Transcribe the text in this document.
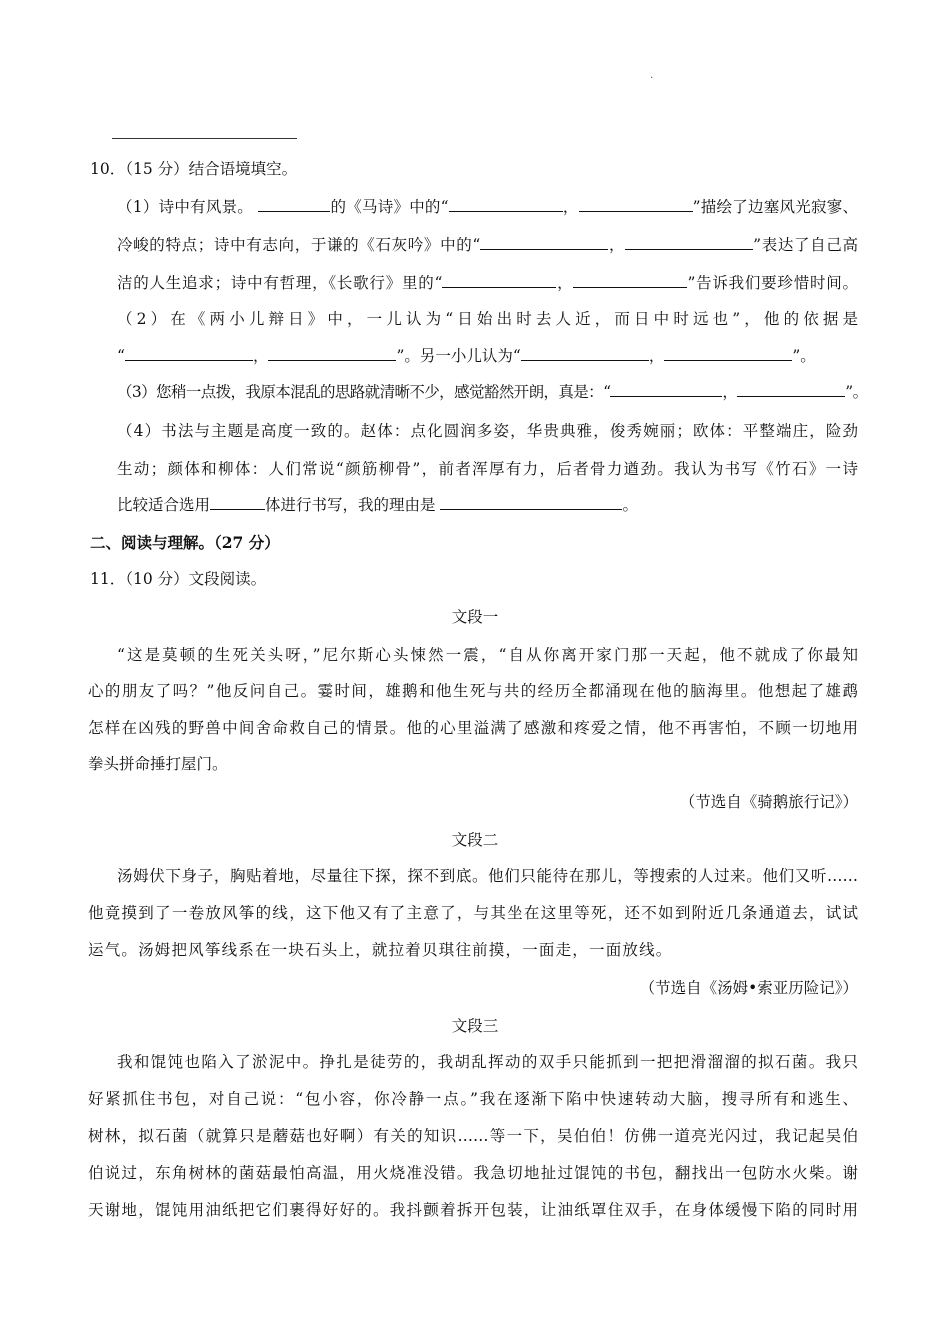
.
10．（15 分）结合语境填空。
（1）诗中有风景。	的《马诗》中的“	，	”描绘了边塞风光寂寥、
冷峻的特点；诗中有志向，于谦的《石灰吟》中的“	，	”表达了自己高
洁的人生追求；诗中有哲理，《长歌行》里的“	，	”告诉我们要珍惜时间。
（2）在《两小儿辩日》中，一儿认为“日始出时去人近，而日中时远也”，他的依据是
“	，	”。另一小儿认为“	，	”。
（3）您稍一点拨，我原本混乱的思路就清晰不少，感觉豁然开朗，真是：“	，	”。
（4）书法与主题是高度一致的。赵体：点化圆润多姿，华贵典雅，俊秀婉丽；欧体：平整端庄，险劲
生动；颜体和柳体：人们常说“颜筋柳骨”，前者浑厚有力，后者骨力遒劲。我认为书写《竹石》一诗
比较适合选用	体进行书写，我的理由是	。
二、阅读与理解。（27 分）
11．（10 分）文段阅读。
文段一
“这是莫顿的生死关头呀，”尼尔斯心头悚然一震，“自从你离开家门那一天起，他不就成了你最知
心的朋友了吗？”他反问自己。霎时间，雄鹅和他生死与共的经历全都涌现在他的脑海里。他想起了雄鹉
怎样在凶残的野兽中间舍命救自己的情景。他的心里溢满了感激和疼爱之情，他不再害怕，不顾一切地用
拳头拼命捶打屋门。
（节选自《骑鹅旅行记》）
文段二
汤姆伏下身子，胸贴着地，尽量往下探，探不到底。他们只能待在那儿，等搜索的人过来。他们又听……
他竟摸到了一卷放风筝的线，这下他又有了主意了，与其坐在这里等死，还不如到附近几条通道去，试试
运气。汤姆把风筝线系在一块石头上，就拉着贝琪往前摸，一面走，一面放线。
（节选自《汤姆•索亚历险记》）
文段三
我和馄饨也陷入了淤泥中。挣扎是徒劳的，我胡乱挥动的双手只能抓到一把把滑溜溜的拟石菌。我只
好紧抓住书包，对自己说：“包小容，你冷静一点。”我在逐渐下陷中快速转动大脑，搜寻所有和逃生、
树林，拟石菌（就算只是蘑菇也好啊）有关的知识……等一下，吴伯伯！仿佛一道亮光闪过，我记起吴伯
伯说过，东角树林的菌菇最怕高温，用火烧准没错。我急切地扯过馄饨的书包，翻找出一包防水火柴。谢
天谢地，馄饨用油纸把它们裹得好好的。我抖颤着拆开包装，让油纸罩住双手，在身体缓慢下陷的同时用
